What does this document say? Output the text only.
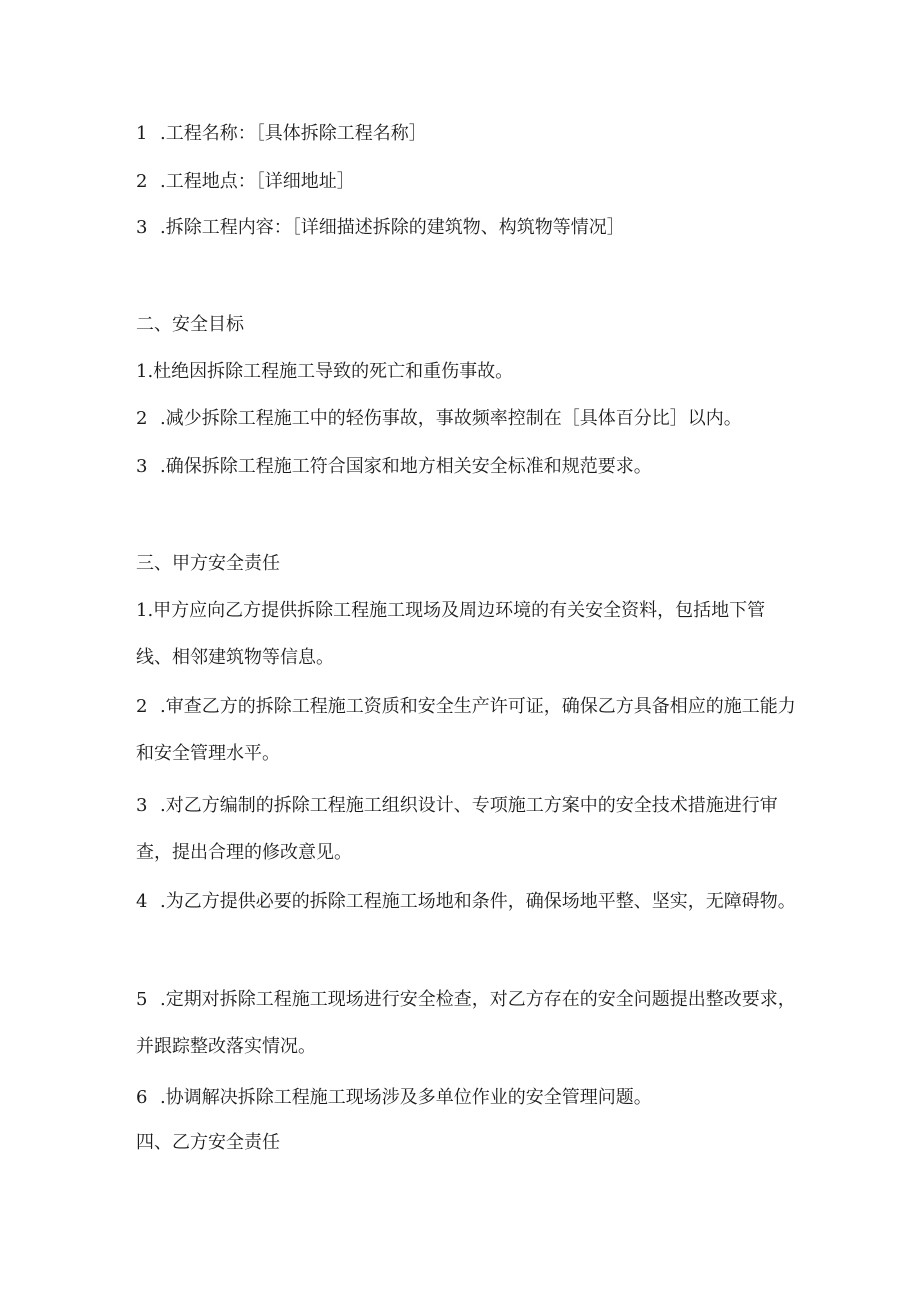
1 .工程名称：［具体拆除工程名称］
2 .工程地点：［详细地址］
3 .拆除工程内容：［详细描述拆除的建筑物、构筑物等情况］
二、安全目标
1.杜绝因拆除工程施工导致的死亡和重伤事故。
2 .减少拆除工程施工中的轻伤事故，事故频率控制在［具体百分比］以内。
3 .确保拆除工程施工符合国家和地方相关安全标准和规范要求。
三、甲方安全责任
1.甲方应向乙方提供拆除工程施工现场及周边环境的有关安全资料，包括地下管线、相邻建筑物等信息。
2 .审查乙方的拆除工程施工资质和安全生产许可证，确保乙方具备相应的施工能力和安全管理水平。
3 .对乙方编制的拆除工程施工组织设计、专项施工方案中的安全技术措施进行审查，提出合理的修改意见。
4 .为乙方提供必要的拆除工程施工场地和条件，确保场地平整、坚实，无障碍物。
5 .定期对拆除工程施工现场进行安全检查，对乙方存在的安全问题提出整改要求，并跟踪整改落实情况。
6 .协调解决拆除工程施工现场涉及多单位作业的安全管理问题。
四、乙方安全责任
